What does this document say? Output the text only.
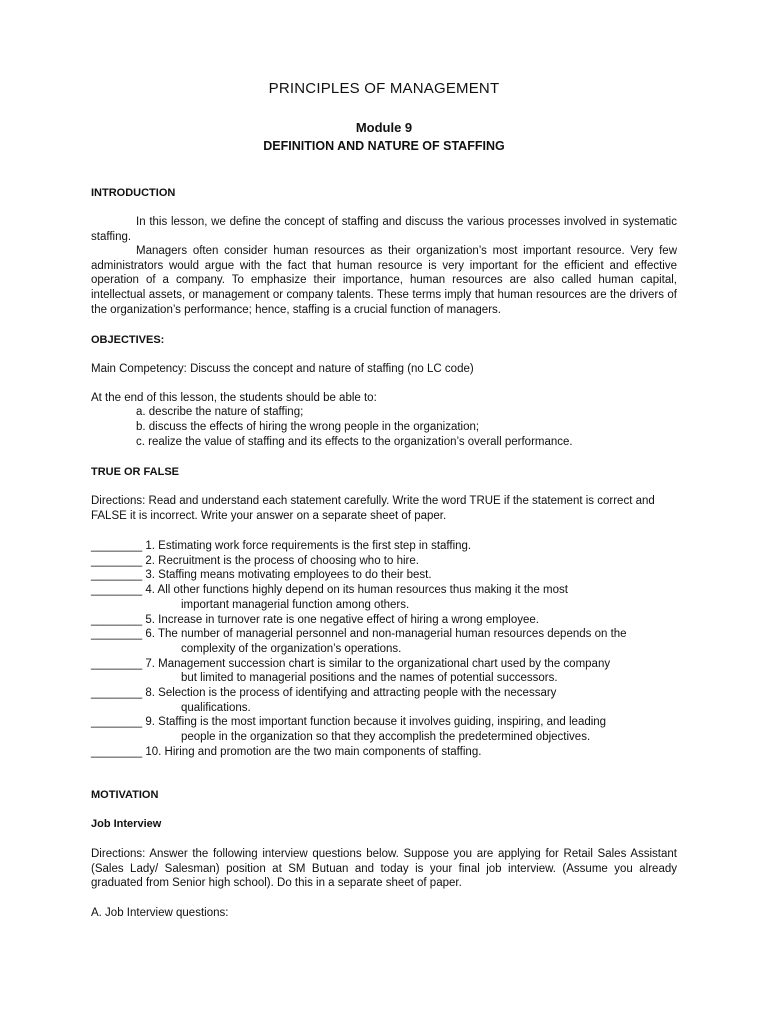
PRINCIPLES OF MANAGEMENT
Module 9
DEFINITION AND NATURE OF STAFFING
INTRODUCTION
In this lesson, we define the concept of staffing and discuss the various processes involved in systematic staffing.
Managers often consider human resources as their organization’s most important resource. Very few administrators would argue with the fact that human resource is very important for the efficient and effective operation of a company. To emphasize their importance, human resources are also called human capital, intellectual assets, or management or company talents. These terms imply that human resources are the drivers of the organization’s performance; hence, staffing is a crucial function of managers.
OBJECTIVES:
Main Competency: Discuss the concept and nature of staffing (no LC code)
At the end of this lesson, the students should be able to:
a. describe the nature of staffing;
b. discuss the effects of hiring the wrong people in the organization;
c. realize the value of staffing and its effects to the organization’s overall performance.
TRUE OR FALSE
Directions: Read and understand each statement carefully. Write the word TRUE if the statement is correct and FALSE it is incorrect. Write your answer on a separate sheet of paper.
________ 1. Estimating work force requirements is the first step in staffing.
________ 2. Recruitment is the process of choosing who to hire.
________ 3. Staffing means motivating employees to do their best.
________ 4. All other functions highly depend on its human resources thus making it the most
important managerial function among others.
________ 5. Increase in turnover rate is one negative effect of hiring a wrong employee.
________ 6. The number of managerial personnel and non-managerial human resources depends on the
complexity of the organization’s operations.
________ 7. Management succession chart is similar to the organizational chart used by the company
but limited to managerial positions and the names of potential successors.
________ 8. Selection is the process of identifying and attracting people with the necessary
qualifications.
________ 9. Staffing is the most important function because it involves guiding, inspiring, and leading
people in the organization so that they accomplish the predetermined objectives.
________ 10. Hiring and promotion are the two main components of staffing.
MOTIVATION
Job Interview
Directions: Answer the following interview questions below. Suppose you are applying for Retail Sales Assistant (Sales Lady/ Salesman) position at SM Butuan and today is your final job interview. (Assume you already graduated from Senior high school). Do this in a separate sheet of paper.
A. Job Interview questions:
